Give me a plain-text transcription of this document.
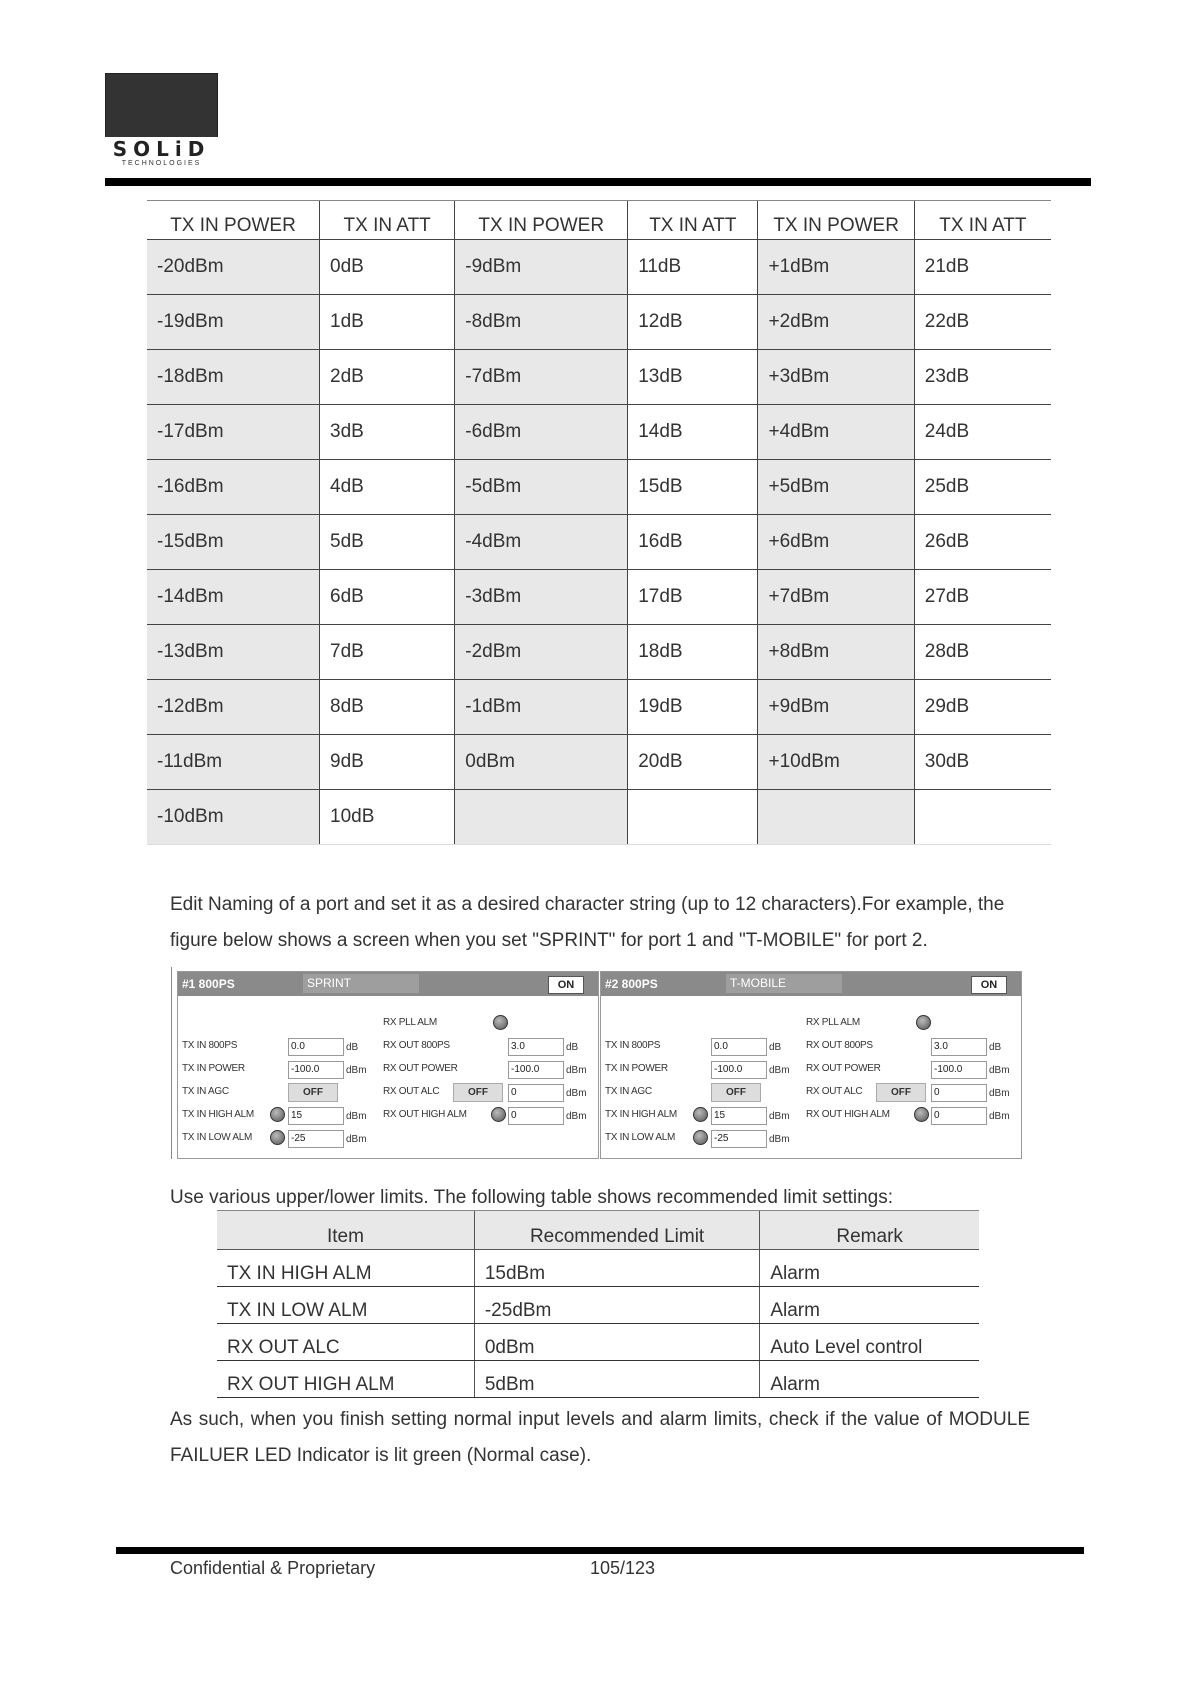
SOLiD
TECHNOLOGIES
TX IN POWER	TX IN ATT	TX IN POWER	TX IN ATT	TX IN POWER	TX IN ATT
-20dBm	0dB	-9dBm	11dB	+1dBm	21dB
-19dBm	1dB	-8dBm	12dB	+2dBm	22dB
-18dBm	2dB	-7dBm	13dB	+3dBm	23dB
-17dBm	3dB	-6dBm	14dB	+4dBm	24dB
-16dBm	4dB	-5dBm	15dB	+5dBm	25dB
-15dBm	5dB	-4dBm	16dB	+6dBm	26dB
-14dBm	6dB	-3dBm	17dB	+7dBm	27dB
-13dBm	7dB	-2dBm	18dB	+8dBm	28dB
-12dBm	8dB	-1dBm	19dB	+9dBm	29dB
-11dBm	9dB	0dBm	20dB	+10dBm	30dB
-10dBm	10dB				
Edit Naming of a port and set it as a desired character string (up to 12 characters).For example, the figure below shows a screen when you set "SPRINT" for port 1 and "T-MOBILE" for port 2.
#1 800PS	SPRINT	ON
RX PLL ALM
TX IN 800PS	0.0	dB
TX IN POWER	-100.0	dBm
TX IN AGC	OFF
TX IN HIGH ALM	15	dBm
TX IN LOW ALM	-25	dBm
RX OUT 800PS	3.0	dB
RX OUT POWER	-100.0	dBm
RX OUT ALC	OFF	0	dBm
RX OUT HIGH ALM	0	dBm
#2 800PS	T-MOBILE	ON
RX PLL ALM
TX IN 800PS	0.0	dB
TX IN POWER	-100.0	dBm
TX IN AGC	OFF
TX IN HIGH ALM	15	dBm
TX IN LOW ALM	-25	dBm
RX OUT 800PS	3.0	dB
RX OUT POWER	-100.0	dBm
RX OUT ALC	OFF	0	dBm
RX OUT HIGH ALM	0	dBm
Use various upper/lower limits. The following table shows recommended limit settings:
Item	Recommended Limit	Remark
TX IN HIGH ALM	15dBm	Alarm
TX IN LOW ALM	-25dBm	Alarm
RX OUT ALC	0dBm	Auto Level control
RX OUT HIGH ALM	5dBm	Alarm
As such, when you finish setting normal input levels and alarm limits, check if the value of MODULE FAILUER LED Indicator is lit green (Normal case).
Confidential & Proprietary	105/123
